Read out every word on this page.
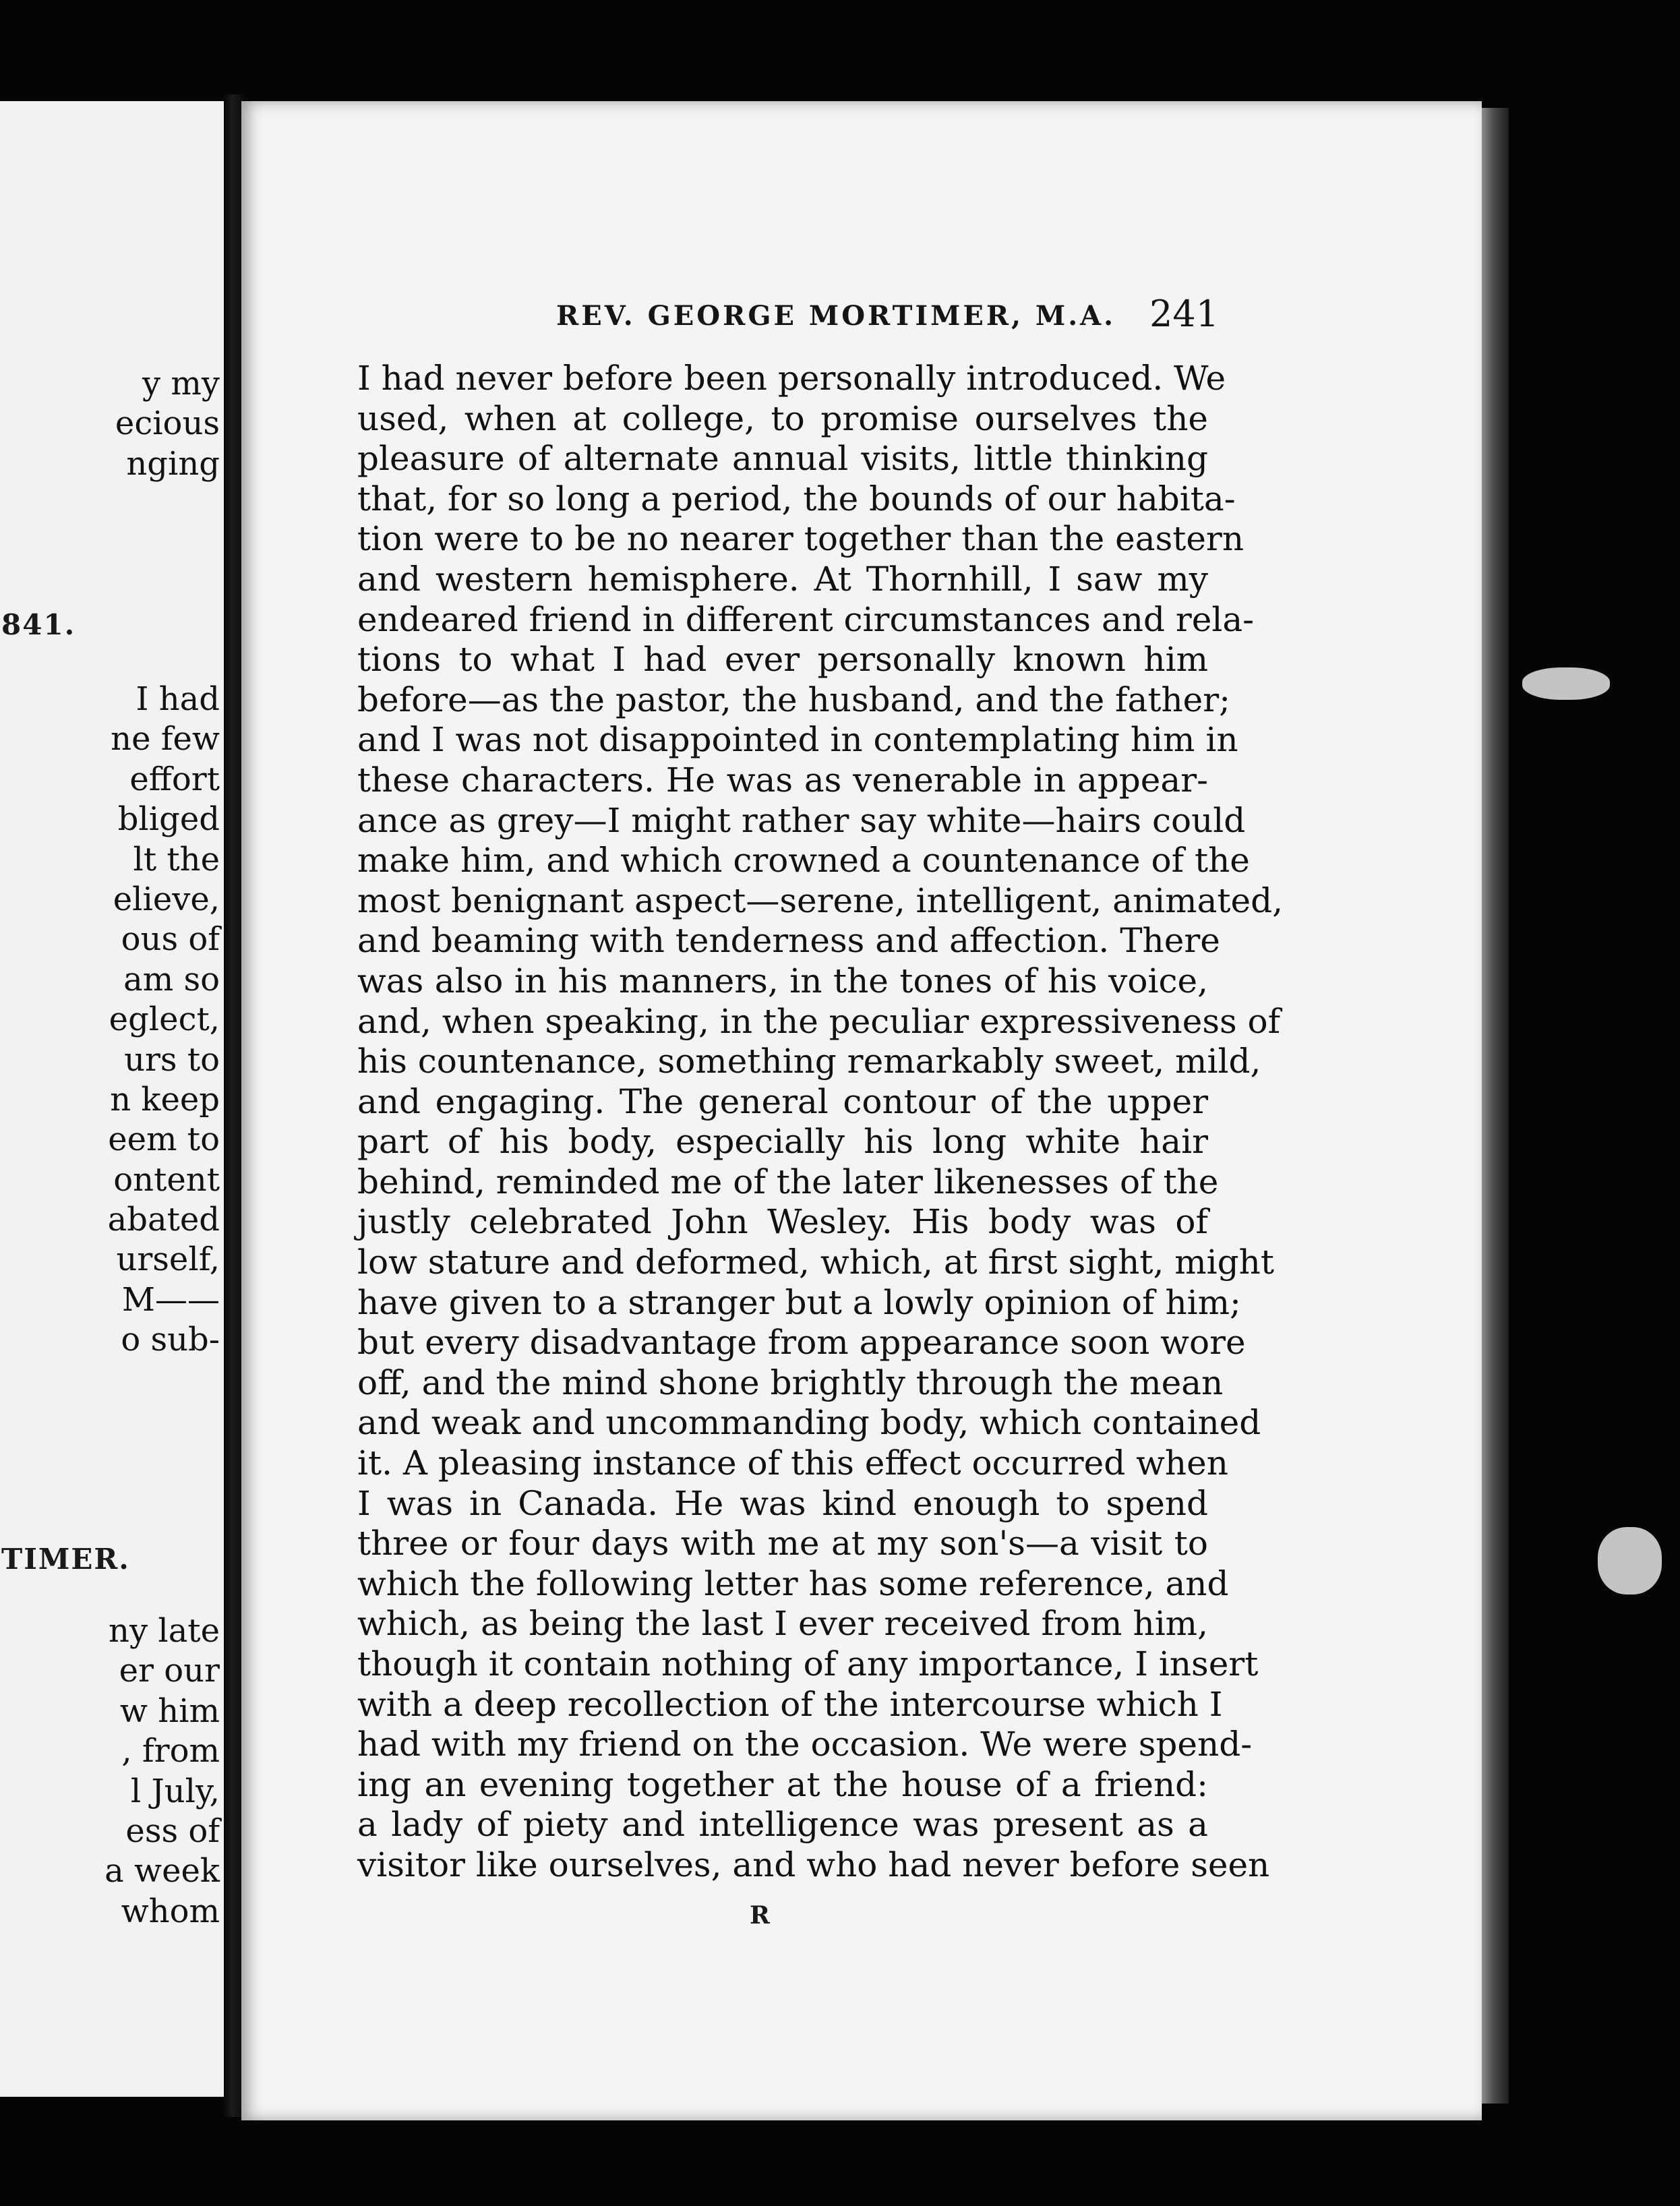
y my
ecious
nging
841.
I had
ne few
effort
bliged
lt the
elieve,
ous of
am so
eglect,
urs to
n keep
eem to
ontent
abated
urself,
M——
o sub-
TIMER.
ny late
er our
w him
, from
l July,
ess of
a week
whom
REV. GEORGE MORTIMER, M.A. 241
I had never before been personally introduced. We
used, when at college, to promise ourselves the
pleasure of alternate annual visits, little thinking
that, for so long a period, the bounds of our habita-
tion were to be no nearer together than the eastern
and western hemisphere. At Thornhill, I saw my
endeared friend in different circumstances and rela-
tions to what I had ever personally known him
before—as the pastor, the husband, and the father;
and I was not disappointed in contemplating him in
these characters. He was as venerable in appear-
ance as grey—I might rather say white—hairs could
make him, and which crowned a countenance of the
most benignant aspect—serene, intelligent, animated,
and beaming with tenderness and affection. There
was also in his manners, in the tones of his voice,
and, when speaking, in the peculiar expressiveness of
his countenance, something remarkably sweet, mild,
and engaging. The general contour of the upper
part of his body, especially his long white hair
behind, reminded me of the later likenesses of the
justly celebrated John Wesley. His body was of
low stature and deformed, which, at first sight, might
have given to a stranger but a lowly opinion of him;
but every disadvantage from appearance soon wore
off, and the mind shone brightly through the mean
and weak and uncommanding body, which contained
it. A pleasing instance of this effect occurred when
I was in Canada. He was kind enough to spend
three or four days with me at my son's—a visit to
which the following letter has some reference, and
which, as being the last I ever received from him,
though it contain nothing of any importance, I insert
with a deep recollection of the intercourse which I
had with my friend on the occasion. We were spend-
ing an evening together at the house of a friend:
a lady of piety and intelligence was present as a
visitor like ourselves, and who had never before seen
R
